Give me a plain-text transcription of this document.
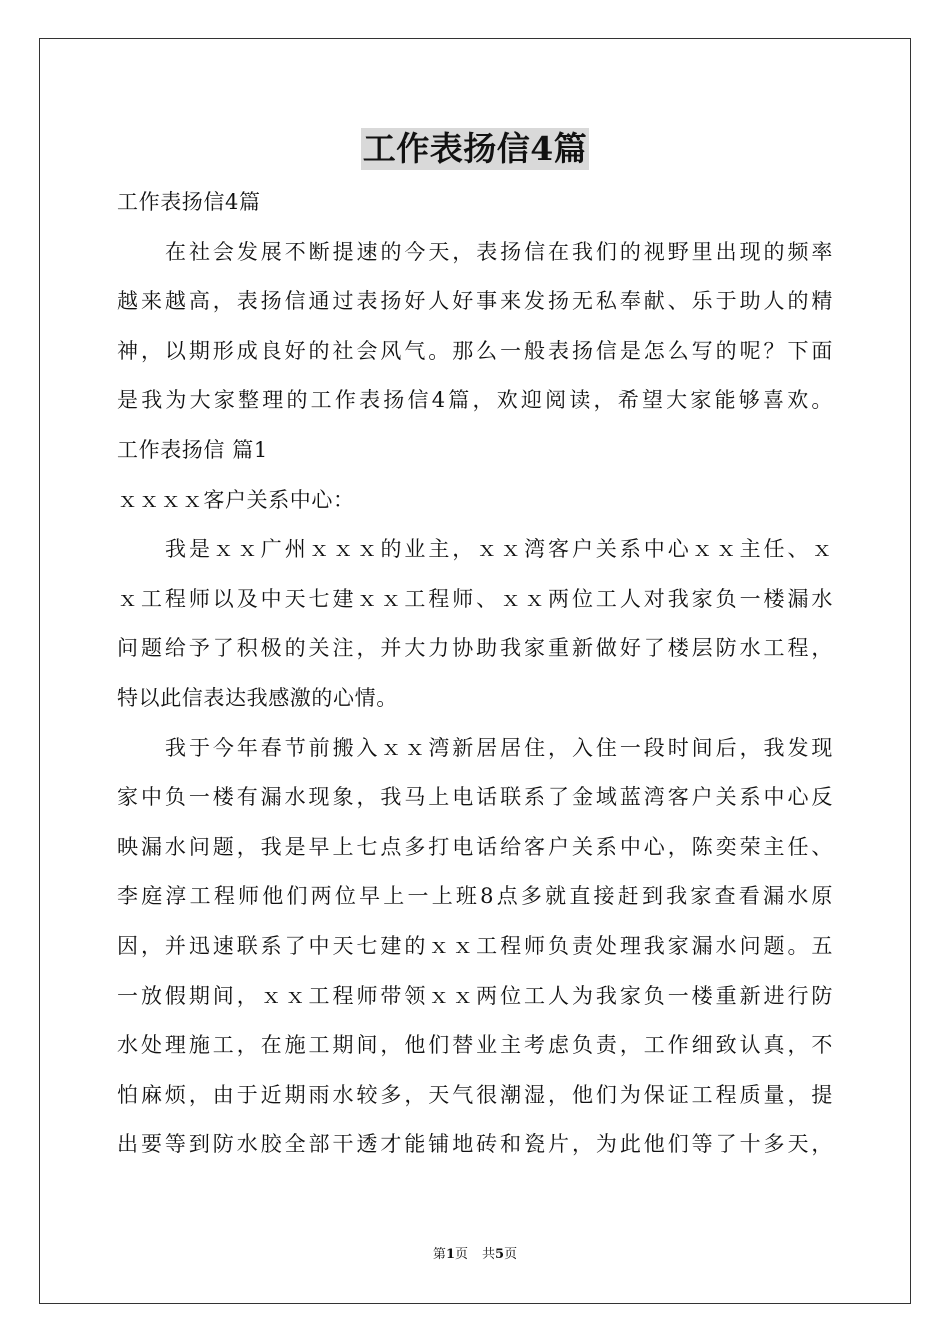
工作表扬信4篇
工作表扬信4篇
在社会发展不断提速的今天，表扬信在我们的视野里出现的频率
越来越高，表扬信通过表扬好人好事来发扬无私奉献、乐于助人的精
神，以期形成良好的社会风气。那么一般表扬信是怎么写的呢？下面
是我为大家整理的工作表扬信4篇，欢迎阅读，希望大家能够喜欢。
工作表扬信 篇1
ｘｘｘｘ客户关系中心：
我是ｘｘ广州ｘｘｘ的业主，ｘｘ湾客户关系中心ｘｘ主任、ｘ
ｘ工程师以及中天七建ｘｘ工程师、ｘｘ两位工人对我家负一楼漏水
问题给予了积极的关注，并大力协助我家重新做好了楼层防水工程，
特以此信表达我感激的心情。
我于今年春节前搬入ｘｘ湾新居居住，入住一段时间后，我发现
家中负一楼有漏水现象，我马上电话联系了金域蓝湾客户关系中心反
映漏水问题，我是早上七点多打电话给客户关系中心，陈奕荣主任、
李庭淳工程师他们两位早上一上班8点多就直接赶到我家查看漏水原
因，并迅速联系了中天七建的ｘｘ工程师负责处理我家漏水问题。五
一放假期间，ｘｘ工程师带领ｘｘ两位工人为我家负一楼重新进行防
水处理施工，在施工期间，他们替业主考虑负责，工作细致认真，不
怕麻烦，由于近期雨水较多，天气很潮湿，他们为保证工程质量，提
出要等到防水胶全部干透才能铺地砖和瓷片，为此他们等了十多天，
第1页 共5页
